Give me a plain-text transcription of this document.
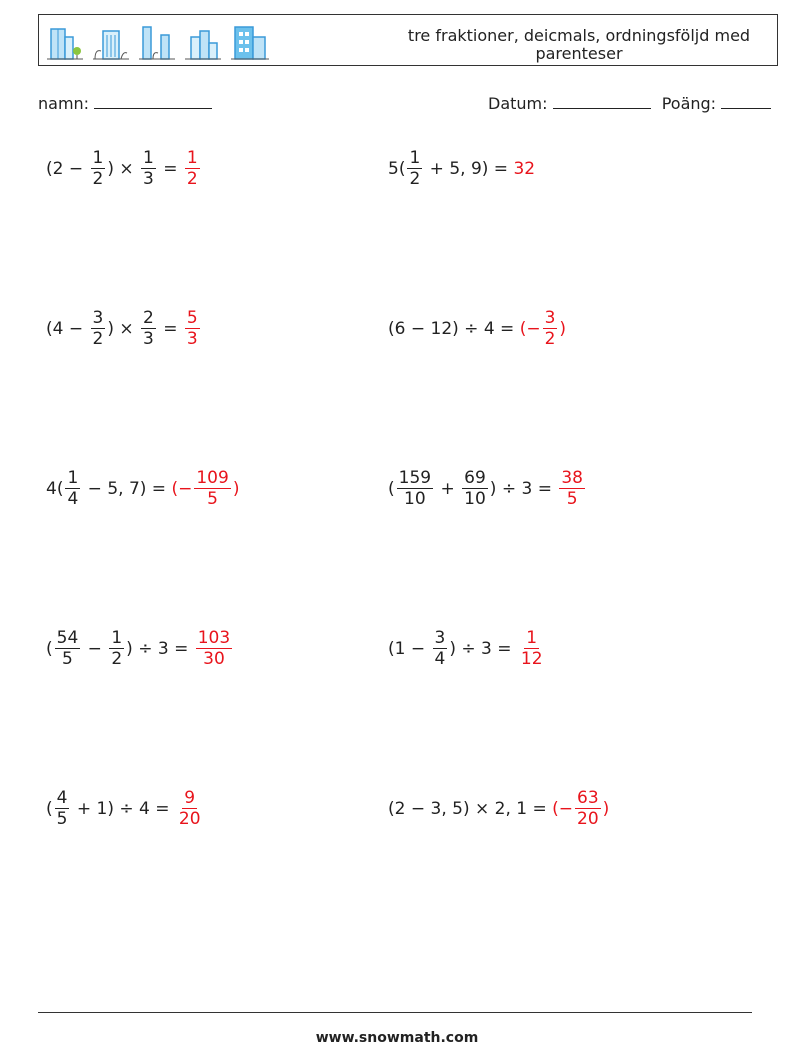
tre fraktioner, deicmals, ordningsföljd med parenteser
namn:	Datum:	Poäng:
($2 - \frac{1}{2}$ ) × $\frac{1}{3} = \frac{1}{2}$	$5( \frac{1}{2} + 5$, 9) = 32
($4 - \frac{3}{2}$ ) × $\frac{2}{3} = \frac{5}{3}$	(6 − 12) ÷ 4 = (− $\frac{3}{2}$ )
$4( \frac{1}{4} - 5$, 7) = (− $\frac{109}{5}$ )	( $\frac{159}{10} + \frac{69}{10}$ ) ÷ $3 = \frac{38}{5}$
( $\frac{54}{5} - \frac{1}{2}$ ) ÷ $3 = \frac{103}{30}$	($1 - \frac{3}{4}$ ) ÷ $3 = \frac{1}{12}$
( $\frac{4}{5} + 1) \div 4 = \frac{9}{20}$	(2 − 3, 5) × 2, 1 = (− $\frac{63}{20}$ )
www.snowmath.com
